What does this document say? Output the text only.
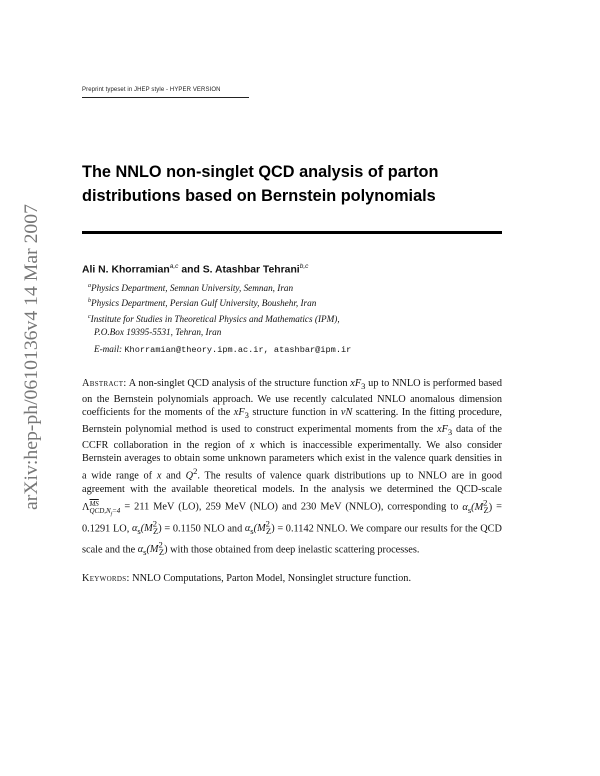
arXiv:hep-ph/0610136v4 14 Mar 2007
Preprint typeset in JHEP style - HYPER VERSION
The NNLO non-singlet QCD analysis of parton
distributions based on Bernstein polynomials
Ali N. Khorramian$^{a,c}$ and S. Atashbar Tehrani$^{b,c}$
$^a$Physics Department, Semnan University, Semnan, Iran
$^b$Physics Department, Persian Gulf University, Boushehr, Iran
$^c$Institute for Studies in Theoretical Physics and Mathematics (IPM),
P.O.Box 19395-5531, Tehran, Iran
E-mail: Khorramian@theory.ipm.ac.ir, atashbar@ipm.ir
Abstract: A non-singlet QCD analysis of the structure function $xF_3$ up to NNLO is performed based on the Bernstein polynomials approach. We use recently calculated NNLO anomalous dimension coefficients for the moments of the $xF_3$ structure function in νN scattering. In the fitting procedure, Bernstein polynomial method is used to construct experimental moments from the $xF_3$ data of the CCFR collaboration in the region of x which is inaccessible experimentally. We also consider Bernstein averages to obtain some unknown parameters which exist in the valence quark densities in a wide range of x and $Q^2$. The results of valence quark distributions up to NNLO are in good agreement with the available theoretical models. In the analysis we determined the QCD-scale Λ $\overline{MS}$
$QCD,N_f=4 = 211$ MeV (LO), 259 MeV (NLO) and 230 MeV (NNLO), corresponding to $\alpha_s(M^2_Z) = 0.1291$ LO, $\alpha_s(M^2_Z) = 0.1150$ NLO and $\alpha_s(M^2_Z) = 0.1142$ NNLO. We compare our results for the QCD scale and the $\alpha_s(M^2_Z)$ with those obtained from deep inelastic scattering processes.
Keywords: NNLO Computations, Parton Model, Nonsinglet structure function.
